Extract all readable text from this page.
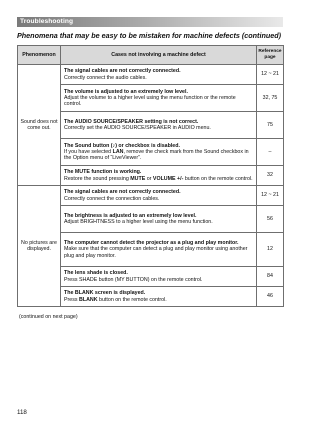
Troubleshooting
Phenomena that may be easy to be mistaken for machine defects (continued)
Phenomenon	Cases not involving a machine defect	Reference
page
Sound does not
come out.	The signal cables are not correctly connected.
Correctly connect the audio cables.	12 ~ 21

	The volume is adjusted to an extremely low level.
Adjust the volume to a higher level using the menu function or the remote control.	32, 75

	The AUDIO SOURCE/SPEAKER setting is not correct.
Correctly set the AUDIO SOURCE/SPEAKER in AUDIO menu.	75

	The Sound button (♪) or checkbox is disabled.
If you have selected LAN, remove the check mark from the Sound checkbox in the Option menu of “LiveViewer”.	–

	The MUTE function is working.
Restore the sound pressing MUTE or VOLUME +/- button on the remote control.	32
No pictures are
displayed.	The signal cables are not correctly connected.
Correctly connect the connection cables.	12 ~ 21

	The brightness is adjusted to an extremely low level.
Adjust BRIGHTNESS to a higher level using the menu function.	56

	The computer cannot detect the projector as a plug and play monitor.
Make sure that the computer can detect a plug and play monitor using another plug and play monitor.	12

	The lens shade is closed.
Press SHADE button (MY BUTTON) on the remote control.	84

	The BLANK screen is displayed.
Press BLANK button on the remote control.	46
(continued on next page)
118
